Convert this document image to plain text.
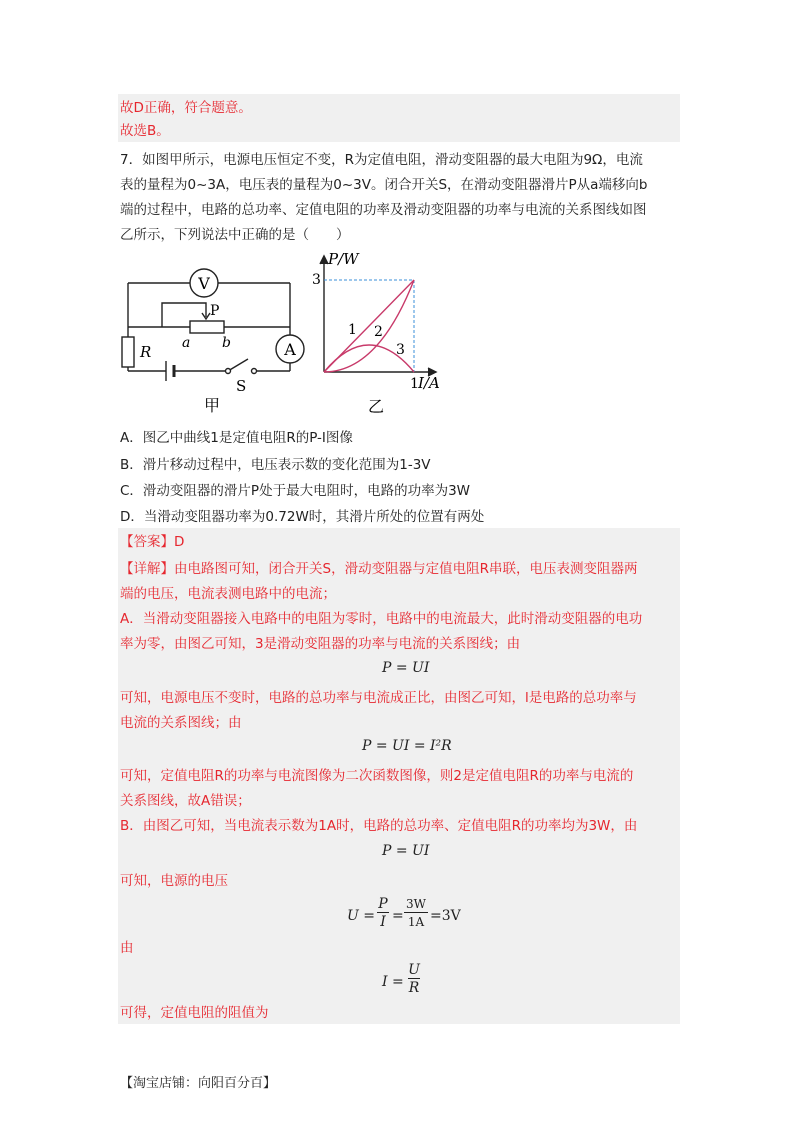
故D正确，符合题意。
故选B。
7．如图甲所示，电源电压恒定不变，R为定值电阻，滑动变阻器的最大电阻为9Ω，电流
表的量程为0~3A，电压表的量程为0~3V。闭合开关S，在滑动变阻器滑片P从a端移向b
端的过程中，电路的总功率、定值电阻的功率及滑动变阻器的功率与电流的关系图线如图
乙所示，下列说法中正确的是（　　）
V
A
P
a b
R
S
甲
3
1
P/W
I/A
1 2
3
乙
A．图乙中曲线1是定值电阻R的P-I图像
B．滑片移动过程中，电压表示数的变化范围为1-3V
C．滑动变阻器的滑片P处于最大电阻时，电路的功率为3W
D．当滑动变阻器功率为0.72W时，其滑片所处的位置有两处
【答案】D
【详解】由电路图可知，闭合开关S，滑动变阻器与定值电阻R串联，电压表测变阻器两
端的电压，电流表测电路中的电流；
A．当滑动变阻器接入电路中的电阻为零时，电路中的电流最大，此时滑动变阻器的电功
率为零，由图乙可知，3是滑动变阻器的功率与电流的关系图线；由
P = UI
可知，电源电压不变时，电路的总功率与电流成正比，由图乙可知，l是电路的总功率与
电流的关系图线；由
P = UI = I²R
可知，定值电阻R的功率与电流图像为二次函数图像，则2是定值电阻R的功率与电流的
关系图线，故A错误；
B．由图乙可知，当电流表示数为1A时，电路的总功率、定值电阻R的功率均为3W，由
P = UI
可知，电源的电压
$U = \frac{P}{I} = \frac{3W}{1A} =3V$
由
$I = \frac{U}{R}$
可得，定值电阻的阻值为
【淘宝店铺：向阳百分百】
